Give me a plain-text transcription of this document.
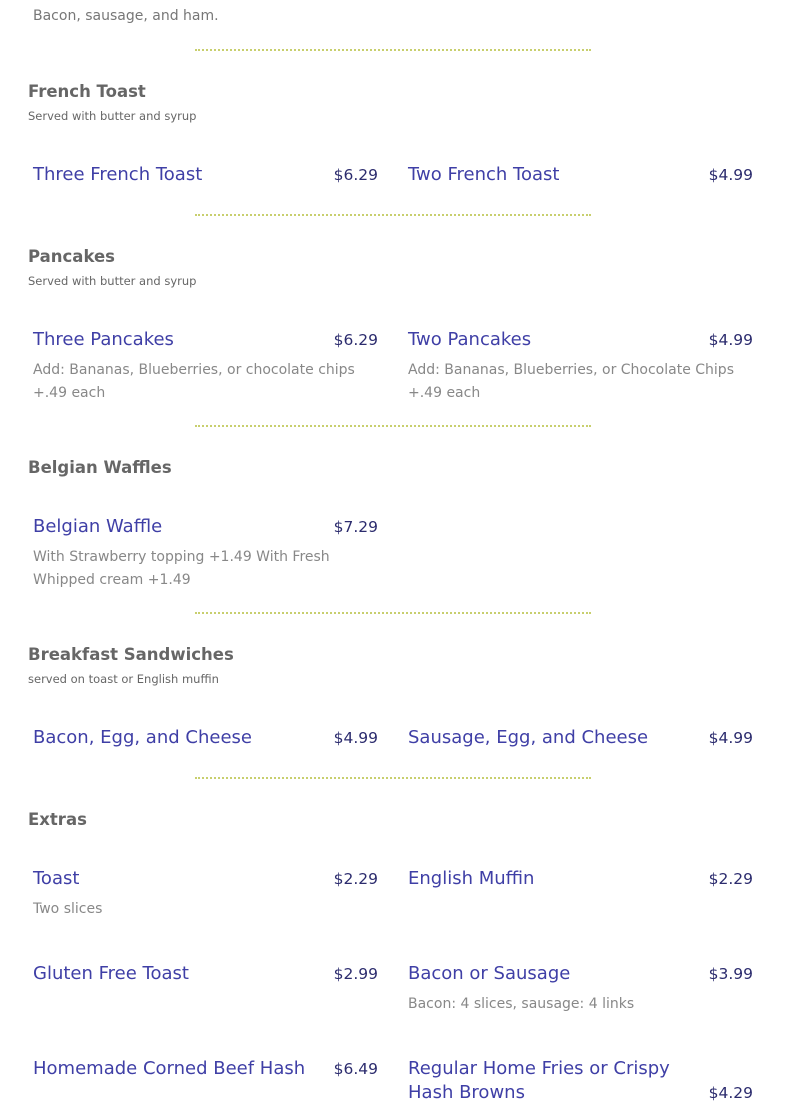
Bacon, sausage, and ham.

French Toast

Served with butter and syrup

Three French Toast	$6.29 Two French Toast	$4.99
Pancakes

Served with butter and syrup

Three Pancakes	$6.29
Add: Bananas, Blueberries, or chocolate chips +.49 each
Two Pancakes	$4.99
Add: Bananas, Blueberries, or Chocolate Chips +.49 each
Belgian Waffles
Belgian Waffle	$7.29
With Strawberry topping +1.49 With Fresh Whipped cream +1.49
Breakfast Sandwiches

served on toast or English muffin

Bacon, Egg, and Cheese	$4.99 Sausage, Egg, and Cheese	$4.99
Extras
Toast	$2.29
Two slices
English Muffin	$2.29
Gluten Free Toast	$2.99 Bacon or Sausage	$3.99
Bacon: 4 slices, sausage: 4 links
Homemade Corned Beef Hash	$6.49 Regular Home Fries or Crispy Hash Browns	$4.29
